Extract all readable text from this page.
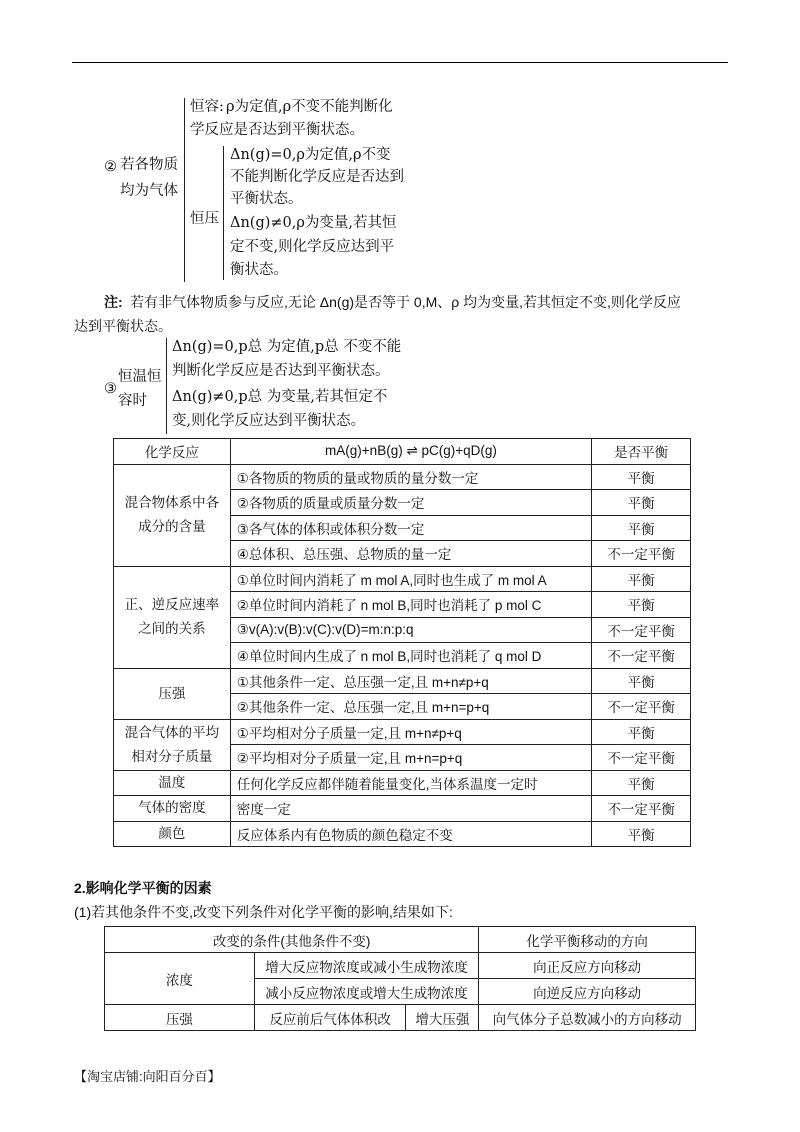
② 若各物质
均为气体
恒容: ρ为定值,ρ不变不能判断化
学反应是否达到平衡状态。
恒压
Δn(g)=0,ρ为定值,ρ不变
不能判断化学反应是否达到
平衡状态。
Δn(g)≠0,ρ为变量,若其恒
定不变,则化学反应达到平
衡状态。
注: 若有非气体物质参与反应,无论 Δn(g)是否等于 0,M、ρ 均为变量,若其恒定不变,则化学反应
达到平衡状态。
③
恒温恒
容时
Δn(g)=0,p总 为定值,p总 不变不能
判断化学反应是否达到平衡状态。
Δn(g)≠0,p总 为变量,若其恒定不
变,则化学反应达到平衡状态。
化学反应	mA(g)+nB(g) ⇌ pC(g)+qD(g)	是否平衡

混合物体系中各
成分的含量	①各物质的物质的量或物质的量分数一定	平衡
	②各物质的质量或质量分数一定	平衡
	③各气体的体积或体积分数一定	平衡
	④总体积、总压强、总物质的量一定	不一定平衡

正、逆反应速率
之间的关系	①单位时间内消耗了 m mol A,同时也生成了 m mol A	平衡
	②单位时间内消耗了 n mol B,同时也消耗了 p mol C	平衡
	③v(A):v(B):v(C):v(D)=m:n:p:q	不一定平衡
	④单位时间内生成了 n mol B,同时也消耗了 q mol D	不一定平衡

压强	①其他条件一定、总压强一定,且 m+n≠p+q	平衡
	②其他条件一定、总压强一定,且 m+n=p+q	不一定平衡

混合气体的平均
相对分子质量	①平均相对分子质量一定,且 m+n≠p+q	平衡
	②平均相对分子质量一定,且 m+n=p+q	不一定平衡

温度	任何化学反应都伴随着能量变化,当体系温度一定时	平衡

气体的密度	密度一定	不一定平衡

颜色	反应体系内有色物质的颜色稳定不变	平衡
2.影响化学平衡的因素
(1)若其他条件不变,改变下列条件对化学平衡的影响,结果如下:
改变的条件(其他条件不变)			化学平衡移动的方向
浓度	增大反应物浓度或减小生成物浓度		向正反应方向移动
	减小反应物浓度或增大生成物浓度		向逆反应方向移动
压强	反应前后气体体积改	增大压强	向气体分子总数减小的方向移动
【淘宝店铺:向阳百分百】
